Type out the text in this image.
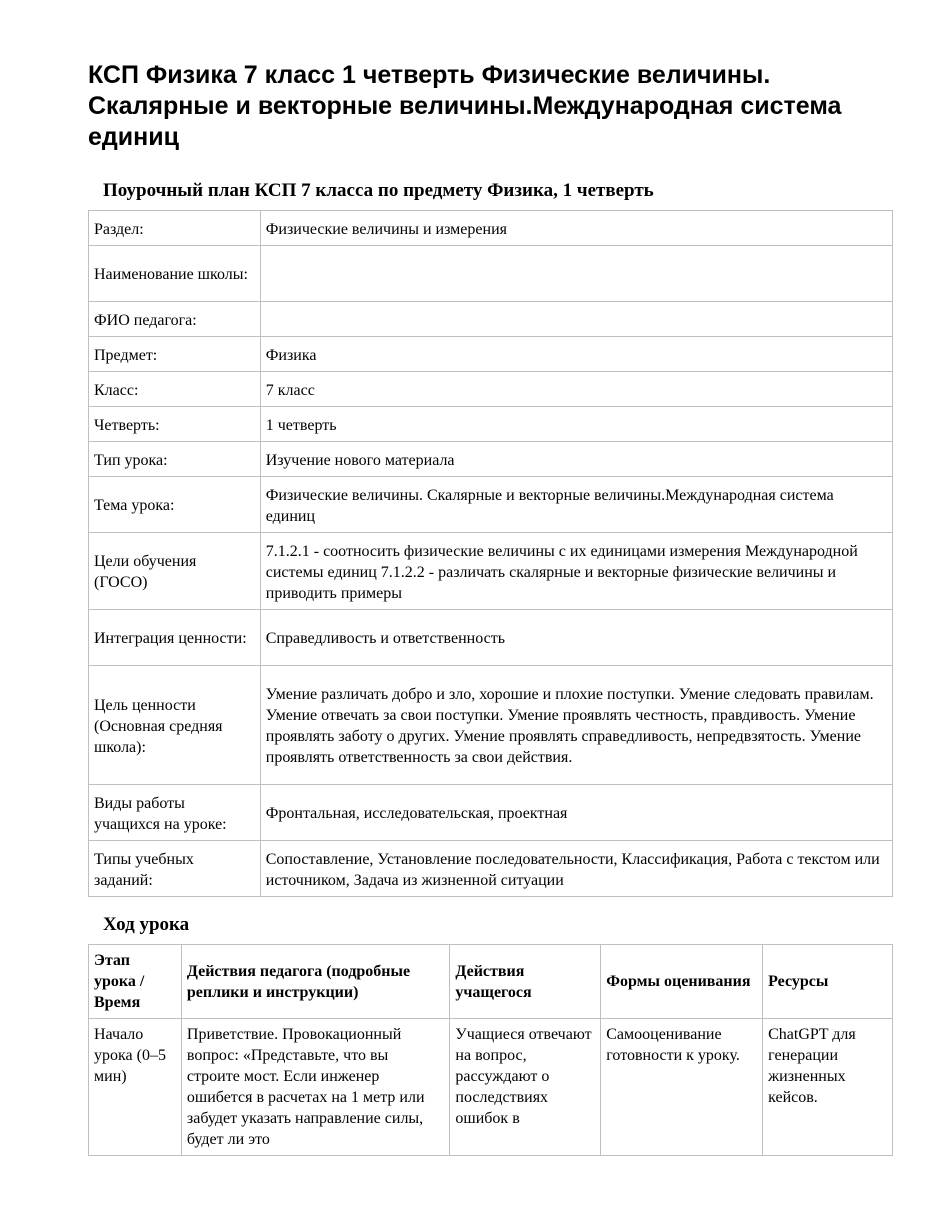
КСП Физика 7 класс 1 четверть Физические величины. Скалярные и векторные величины.Международная система единиц
Поурочный план КСП 7 класса по предмету Физика, 1 четверть
Раздел:	Физические величины и измерения
Наименование школы:	
ФИО педагога:	
Предмет:	Физика
Класс:	7 класс
Четверть:	1 четверть
Тип урока:	Изучение нового материала
Тема урока:	Физические величины. Скалярные и векторные величины.Международная система единиц
Цели обучения (ГОСО)	7.1.2.1 - соотносить физические величины с их единицами измерения Международной системы единиц 7.1.2.2 - различать скалярные и векторные физические величины и приводить примеры
Интеграция ценности:	Справедливость и ответственность
Цель ценности (Основная средняя школа):	Умение различать добро и зло, хорошие и плохие поступки. Умение следовать правилам. Умение отвечать за свои поступки. Умение проявлять честность, правдивость. Умение проявлять заботу о других. Умение проявлять справедливость, непредвзятость. Умение проявлять ответственность за свои действия.
Виды работы учащихся на уроке:	Фронтальная, исследовательская, проектная
Типы учебных заданий:	Сопоставление, Установление последовательности, Классификация, Работа с текстом или источником, Задача из жизненной ситуации
Ход урока
Этап урока / Время	Действия педагога (подробные реплики и инструкции)	Действия учащегося	Формы оценивания	Ресурсы

Начало урока (0–5 мин)	Приветствие. Провокационный вопрос: «Представьте, что вы строите мост. Если инженер ошибется в расчетах на 1 метр или забудет указать направление силы, будет ли это	Учащиеся отвечают на вопрос, рассуждают о последствиях ошибок в	Самооценивание готовности к уроку.	ChatGPT для генерации жизненных кейсов.
